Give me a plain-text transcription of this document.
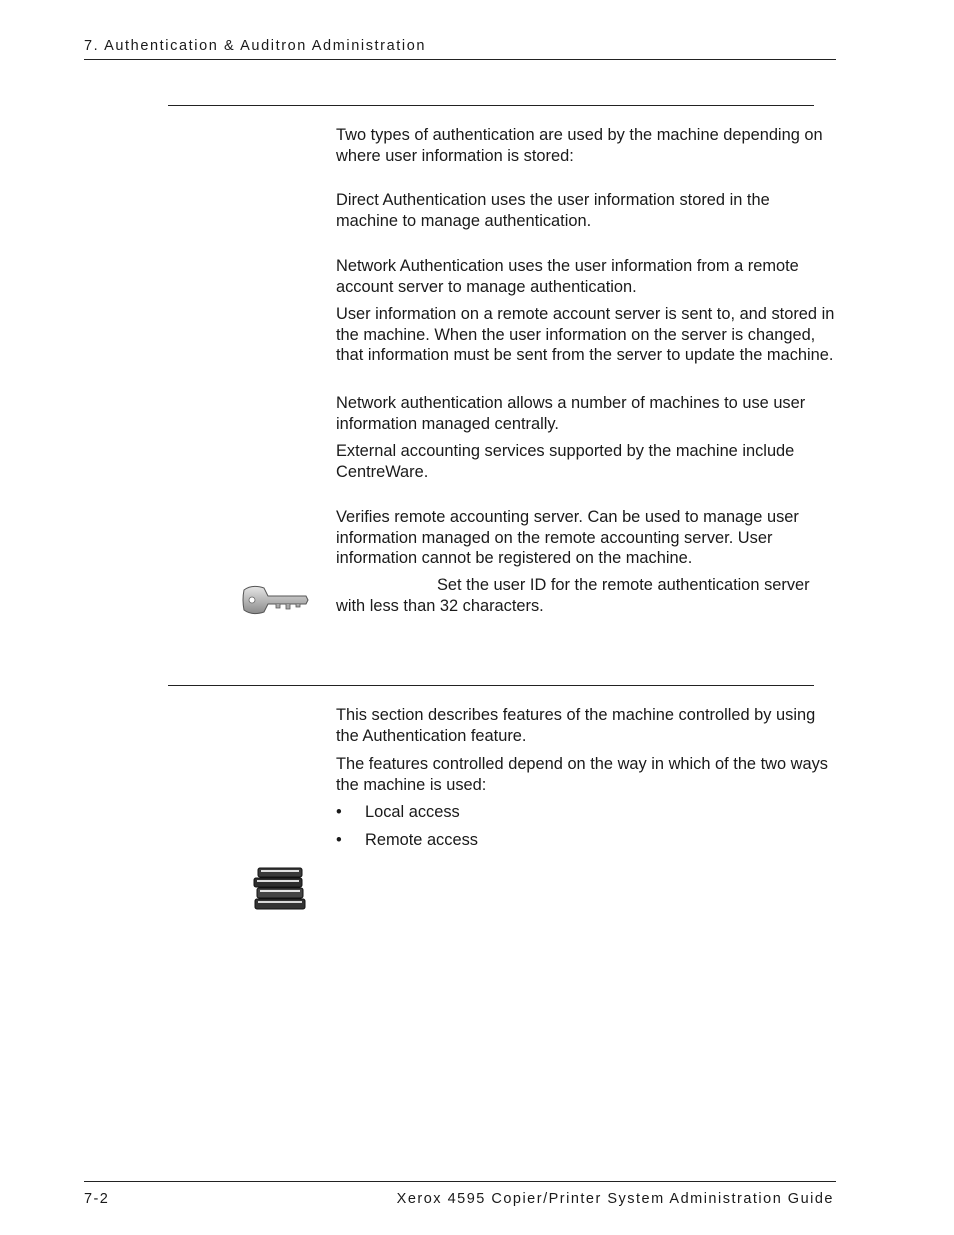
7. Authentication & Auditron Administration

Two types of authentication are used by the machine depending on where user information is stored:

Direct Authentication uses the user information stored in the machine to manage authentication.

Network Authentication uses the user information from a remote account server to manage authentication.

User information on a remote account server is sent to, and stored in the machine. When the user information on the server is changed, that information must be sent from the server to update the machine.

Network authentication allows a number of machines to use user information managed centrally.

External accounting services supported by the machine include CentreWare.

Verifies remote accounting server. Can be used to manage user information managed on the remote accounting server. User information cannot be registered on the machine.

Set the user ID for the remote authentication server
with less than 32 characters.

This section describes features of the machine controlled by using the Authentication feature.

The features controlled depend on the way in which of the two ways the machine is used:

• Local access
• Remote access
7-2	Xerox 4595 Copier/Printer System Administration Guide
